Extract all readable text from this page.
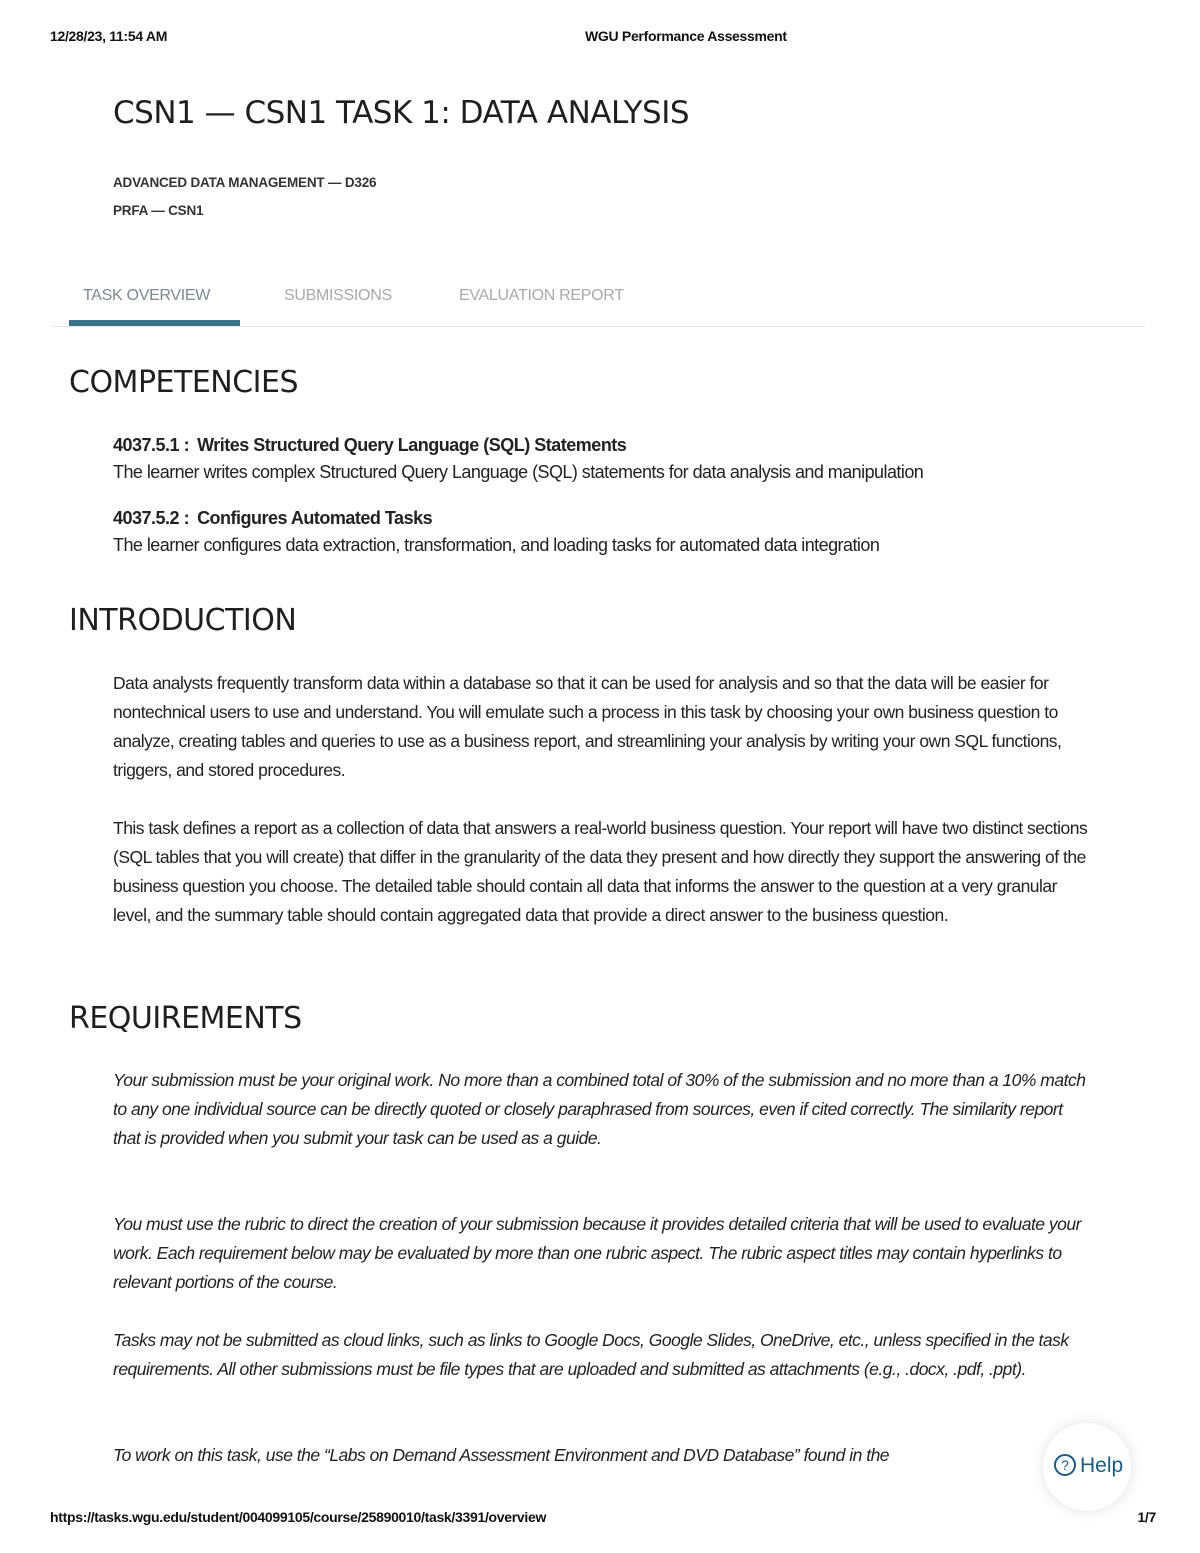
12/28/23, 11:54 AM	WGU Performance Assessment
CSN1 — CSN1 TASK 1: DATA ANALYSIS
ADVANCED DATA MANAGEMENT — D326
PRFA — CSN1
TASK OVERVIEW	SUBMISSIONS	EVALUATION REPORT
COMPETENCIES
4037.5.1 : Writes Structured Query Language (SQL) Statements
The learner writes complex Structured Query Language (SQL) statements for data analysis and manipulation
4037.5.2 : Configures Automated Tasks
The learner configures data extraction, transformation, and loading tasks for automated data integration
INTRODUCTION

Data analysts frequently transform data within a database so that it can be used for analysis and so that the data will be easier for nontechnical users to use and understand. You will emulate such a process in this task by choosing your own business question to analyze, creating tables and queries to use as a business report, and streamlining your analysis by writing your own SQL functions, triggers, and stored procedures.

This task defines a report as a collection of data that answers a real-world business question. Your report will have two distinct sections (SQL tables that you will create) that differ in the granularity of the data they present and how directly they support the answering of the business question you choose. The detailed table should contain all data that informs the answer to the question at a very granular level, and the summary table should contain aggregated data that provide a direct answer to the business question.

REQUIREMENTS

Your submission must be your original work. No more than a combined total of 30% of the submission and no more than a 10% match to any one individual source can be directly quoted or closely paraphrased from sources, even if cited correctly. The similarity report that is provided when you submit your task can be used as a guide.

You must use the rubric to direct the creation of your submission because it provides detailed criteria that will be used to evaluate your work. Each requirement below may be evaluated by more than one rubric aspect. The rubric aspect titles may contain hyperlinks to relevant portions of the course.

Tasks may not be submitted as cloud links, such as links to Google Docs, Google Slides, OneDrive, etc., unless specified in the task requirements. All other submissions must be file types that are uploaded and submitted as attachments (e.g., .docx, .pdf, .ppt).

To work on this task, use the “Labs on Demand Assessment Environment and DVD Database” found in the	? Help
https://tasks.wgu.edu/student/004099105/course/25890010/task/3391/overview	1/7
